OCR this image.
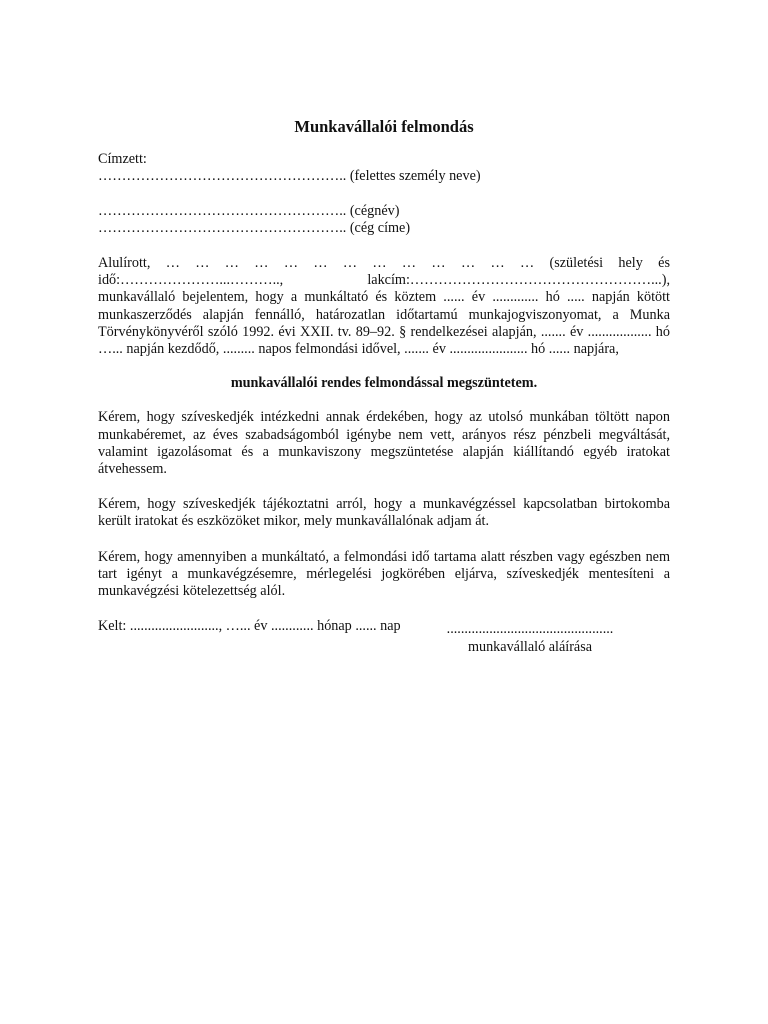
Munkavállalói felmondás

Címzett:

…………………………………………….. (felettes személy neve)

…………………………………………….. (cégnév)

…………………………………………….. (cég címe)

Alulírott, … … … … … … … … … … … … … (születési hely és idő:…………………...……….., lakcím:……………………………………………...), munkavállaló bejelentem, hogy a munkáltató és köztem ...... év ............. hó ..... napján kötött munkaszerződés alapján fennálló, határozatlan időtartamú munkajogviszonyomat, a Munka Törvénykönyvéről szóló 1992. évi XXII. tv. 89–92. § rendelkezései alapján, ....... év .................. hó …... napján kezdődő, ......... napos felmondási idővel, ....... év ...................... hó ...... napjára,

munkavállalói rendes felmondással megszüntetem.

Kérem, hogy szíveskedjék intézkedni annak érdekében, hogy az utolsó munkában töltött napon munkabéremet, az éves szabadságomból igénybe nem vett, arányos rész pénzbeli megváltását, valamint igazolásomat és a munkaviszony megszüntetése alapján kiállítandó egyéb iratokat átvehessem.

Kérem, hogy szíveskedjék tájékoztatni arról, hogy a munkavégzéssel kapcsolatban birtokomba került iratokat és eszközöket mikor, mely munkavállalónak adjam át.

Kérem, hogy amennyiben a munkáltató, a felmondási idő tartama alatt részben vagy egészben nem tart igényt a munkavégzésemre, mérlegelési jogkörében eljárva, szíveskedjék mentesíteni a munkavégzési kötelezettség alól.

Kelt: ........................., …... év ............ hónap ...... nap	...............................................
munkavállaló aláírása
